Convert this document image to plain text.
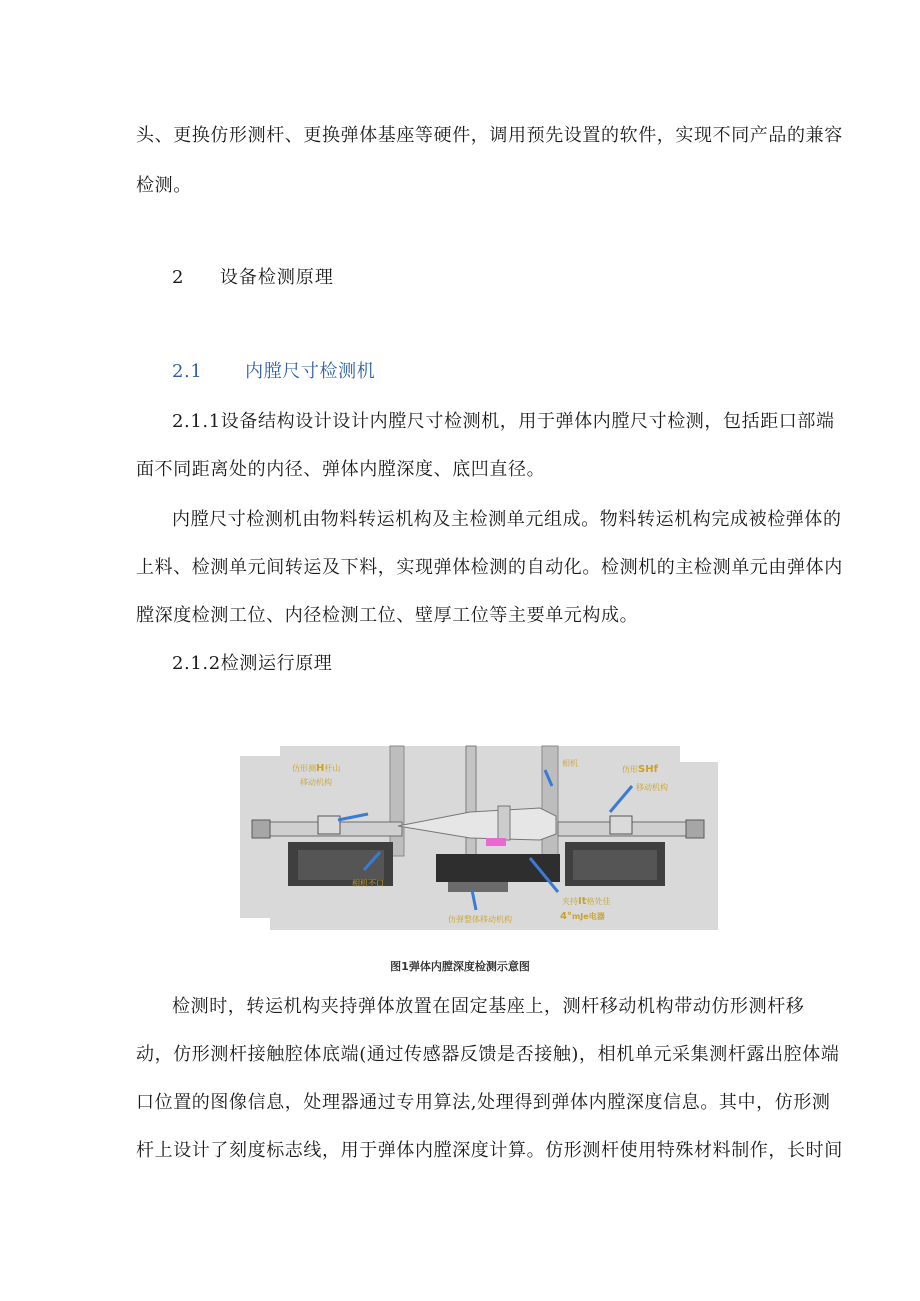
头、更换仿形测杆、更换弹体基座等硬件，调用预先设置的软件，实现不同产品的兼容
检测。
2 设备检测原理
2.1 内膛尺寸检测机
2.1.1设备结构设计设计内膛尺寸检测机，用于弹体内膛尺寸检测，包括距口部端
面不同距离处的内径、弹体内膛深度、底凹直径。
内膛尺寸检测机由物料转运机构及主检测单元组成。物料转运机构完成被检弹体的
上料、检测单元间转运及下料，实现弹体检测的自动化。检测机的主检测单元由弹体内
膛深度检测工位、内径检测工位、壁厚工位等主要单元构成。
2.1.2检测运行原理
仿形测H杆山
移动机构
相机
仿形SHf
移动机构
相机不口
仿弹整体移动机构
夹持It格处佳
4°mJe电器
图1弹体内膛深度检测示意图
检测时，转运机构夹持弹体放置在固定基座上，测杆移动机构带动仿形测杆移
动，仿形测杆接触腔体底端(通过传感器反馈是否接触)，相机单元采集测杆露出腔体端
口位置的图像信息，处理器通过专用算法,处理得到弹体内膛深度信息。其中，仿形测
杆上设计了刻度标志线，用于弹体内膛深度计算。仿形测杆使用特殊材料制作，长时间
